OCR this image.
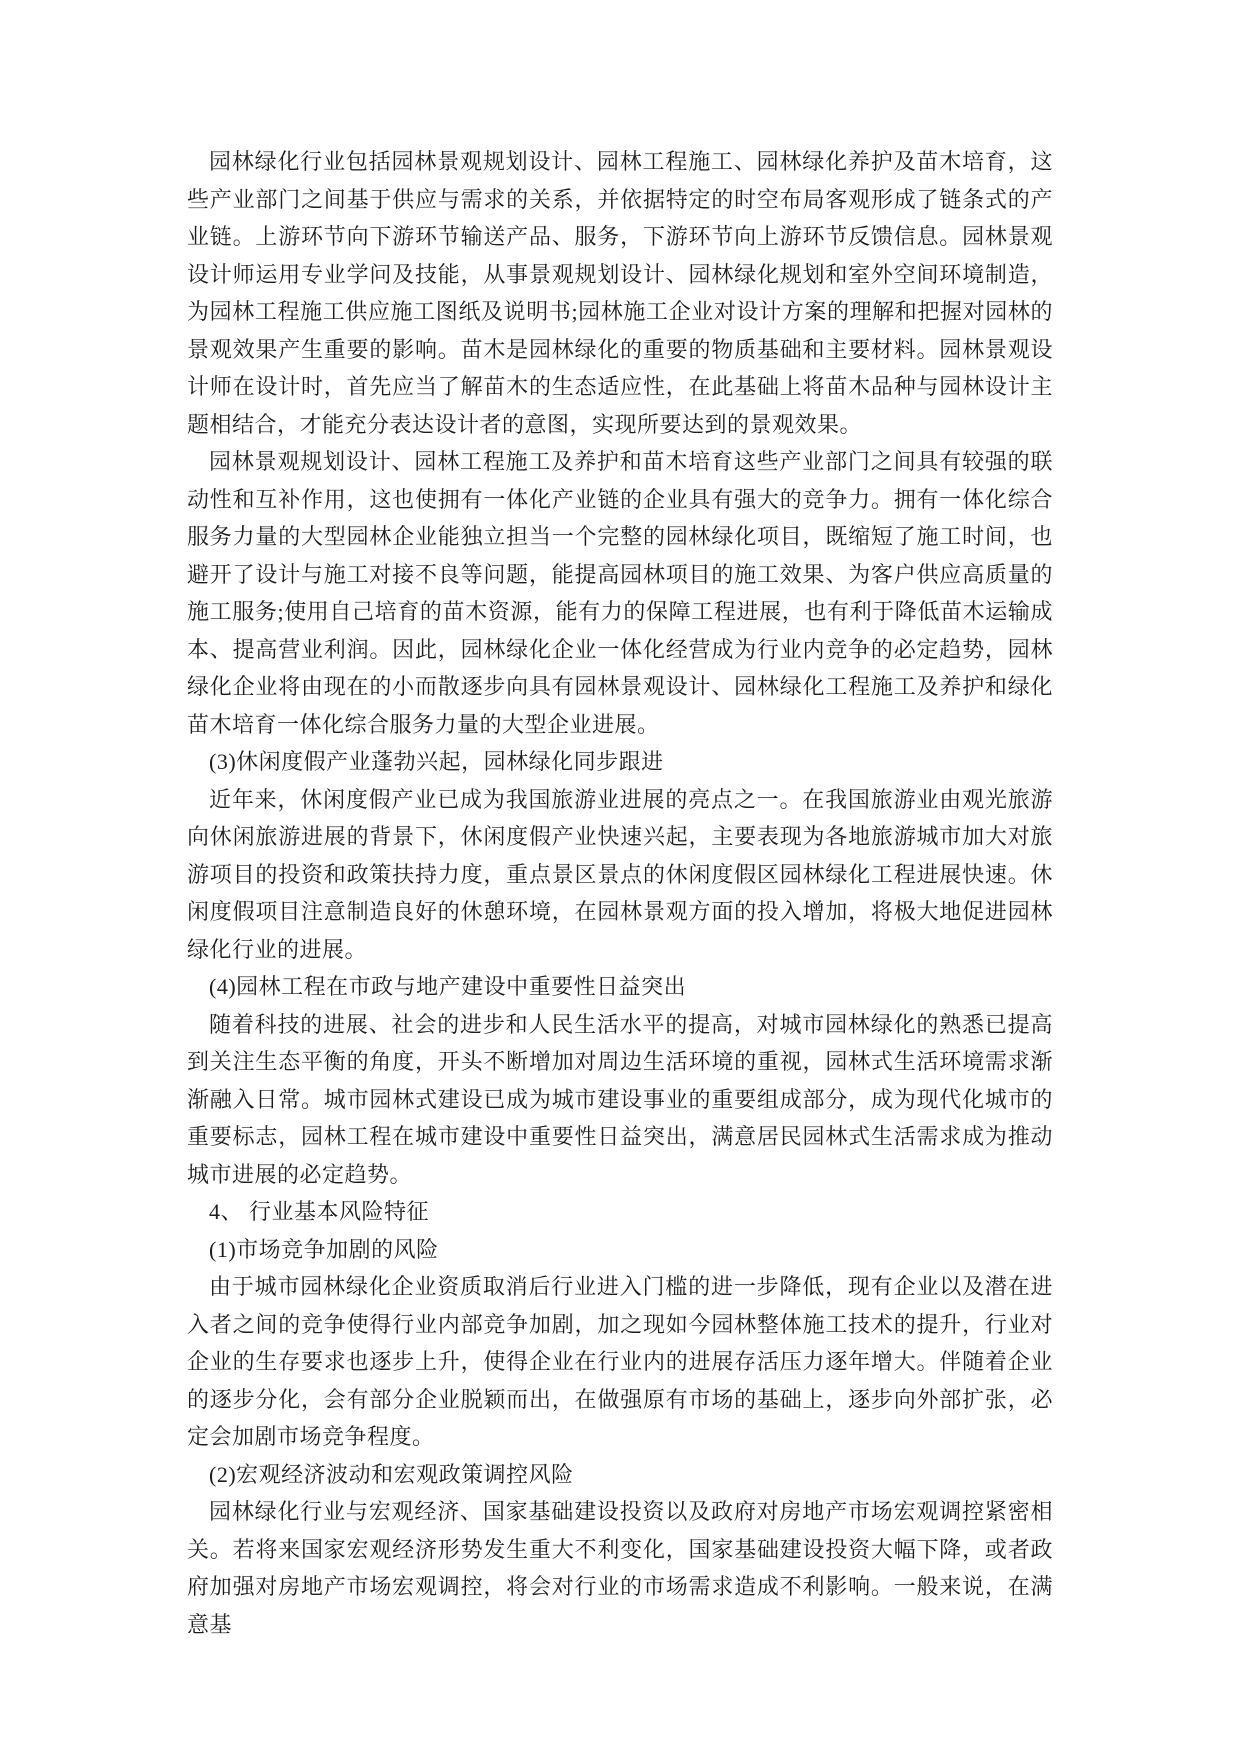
园林绿化行业包括园林景观规划设计、园林工程施工、园林绿化养护及苗木培育，这些产业部门之间基于供应与需求的关系，并依据特定的时空布局客观形成了链条式的产业链。上游环节向下游环节输送产品、服务，下游环节向上游环节反馈信息。园林景观设计师运用专业学问及技能，从事景观规划设计、园林绿化规划和室外空间环境制造，为园林工程施工供应施工图纸及说明书;园林施工企业对设计方案的理解和把握对园林的景观效果产生重要的影响。苗木是园林绿化的重要的物质基础和主要材料。园林景观设计师在设计时，首先应当了解苗木的生态适应性，在此基础上将苗木品种与园林设计主题相结合，才能充分表达设计者的意图，实现所要达到的景观效果。

园林景观规划设计、园林工程施工及养护和苗木培育这些产业部门之间具有较强的联动性和互补作用，这也使拥有一体化产业链的企业具有强大的竞争力。拥有一体化综合服务力量的大型园林企业能独立担当一个完整的园林绿化项目，既缩短了施工时间，也避开了设计与施工对接不良等问题，能提高园林项目的施工效果、为客户供应高质量的施工服务;使用自己培育的苗木资源，能有力的保障工程进展，也有利于降低苗木运输成本、提高营业利润。因此，园林绿化企业一体化经营成为行业内竞争的必定趋势，园林绿化企业将由现在的小而散逐步向具有园林景观设计、园林绿化工程施工及养护和绿化苗木培育一体化综合服务力量的大型企业进展。

(3)休闲度假产业蓬勃兴起，园林绿化同步跟进

近年来，休闲度假产业已成为我国旅游业进展的亮点之一。在我国旅游业由观光旅游向休闲旅游进展的背景下，休闲度假产业快速兴起，主要表现为各地旅游城市加大对旅游项目的投资和政策扶持力度，重点景区景点的休闲度假区园林绿化工程进展快速。休闲度假项目注意制造良好的休憩环境，在园林景观方面的投入增加，将极大地促进园林绿化行业的进展。

(4)园林工程在市政与地产建设中重要性日益突出

随着科技的进展、社会的进步和人民生活水平的提高，对城市园林绿化的熟悉已提高到关注生态平衡的角度，开头不断增加对周边生活环境的重视，园林式生活环境需求渐渐融入日常。城市园林式建设已成为城市建设事业的重要组成部分，成为现代化城市的重要标志，园林工程在城市建设中重要性日益突出，满意居民园林式生活需求成为推动城市进展的必定趋势。

4、 行业基本风险特征

(1)市场竞争加剧的风险

由于城市园林绿化企业资质取消后行业进入门槛的进一步降低，现有企业以及潜在进入者之间的竞争使得行业内部竞争加剧，加之现如今园林整体施工技术的提升，行业对企业的生存要求也逐步上升，使得企业在行业内的进展存活压力逐年增大。伴随着企业的逐步分化，会有部分企业脱颖而出，在做强原有市场的基础上，逐步向外部扩张，必定会加剧市场竞争程度。

(2)宏观经济波动和宏观政策调控风险

园林绿化行业与宏观经济、国家基础建设投资以及政府对房地产市场宏观调控紧密相关。若将来国家宏观经济形势发生重大不利变化，国家基础建设投资大幅下降，或者政府加强对房地产市场宏观调控，将会对行业的市场需求造成不利影响。一般来说，在满意基
